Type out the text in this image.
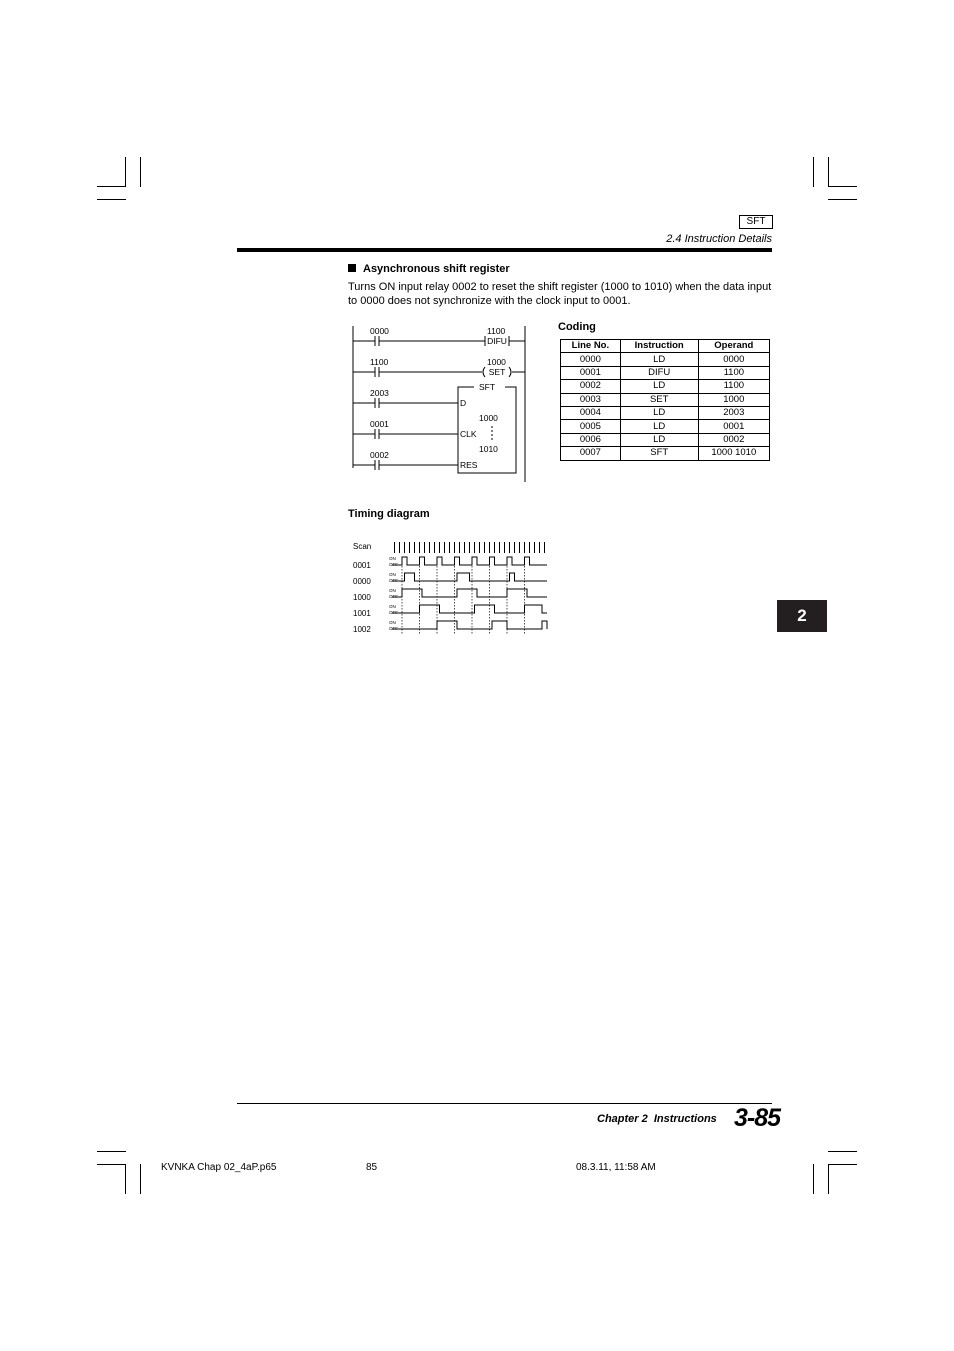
SFT
2.4 Instruction Details
Asynchronous shift register
Turns ON input relay 0002 to reset the shift register (1000 to 1010) when the data input to 0000 does not synchronize with the clock input to 0001.
0000	1100
DIFU
1100	1000
SET
2003
0001
0002
SFT
D
CLK
RES
1000
1010
Coding
Line No.	Instruction	Operand
0000	LD	0000
0001	DIFU	1100
0002	LD	1100
0003	SET	1000
0004	LD	2003
0005	LD	0001
0006	LD	0002
0007	SFT	1000 1010
Timing diagram
Scan
0001
ON
OFF
0000
ON
OFF
1000
ON
OFF
1001
ON
OFF
1002
ON
OFF
2
Chapter 2  Instructions 3-85
KVNKA Chap 02_4aP.p65	85	08.3.11, 11:58 AM
